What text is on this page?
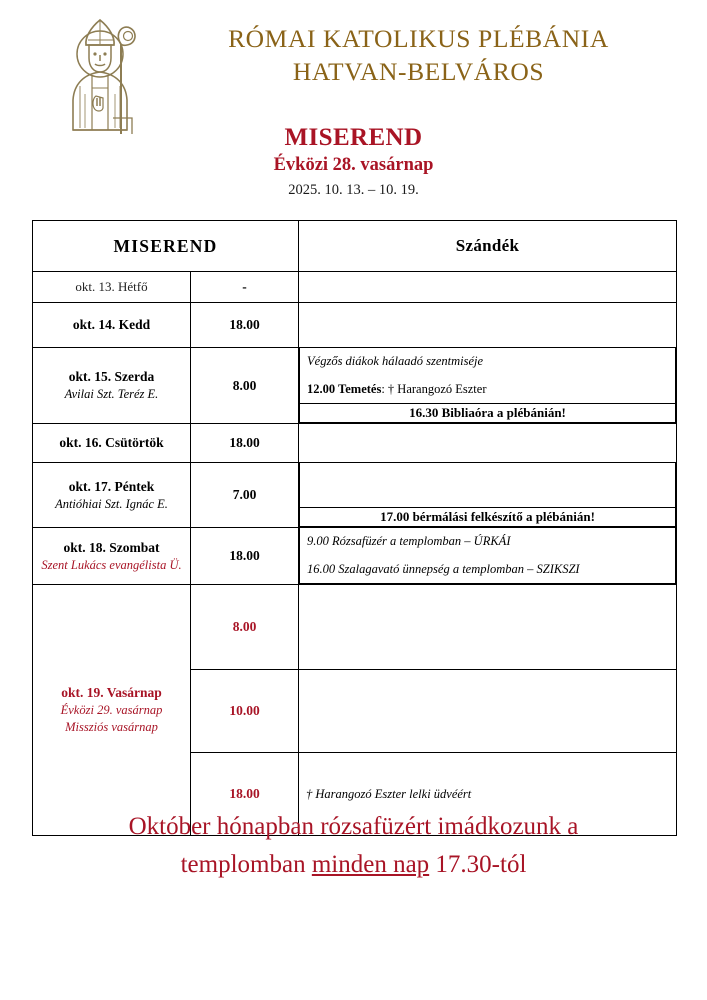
RÓMAI KATOLIKUS PLÉBÁNIA
HATVAN-BELVÁROS
MISEREND
Évközi 28. vasárnap
2025. 10. 13. – 10. 19.
MISEREND	Szándék

okt. 13. Hétfő	-	

okt. 14. Kedd	18.00	

okt. 15. Szerda
Avilai Szt. Teréz E.
	8.00	
Végzős diákok hálaadó szentmiséje
12.00 Temetés: † Harangozó Eszter

16.30 Bibliaóra a plébánián!

okt. 16. Csütörtök	18.00	

okt. 17. Péntek
Antióhiai Szt. Ignác E.
	7.00	

17.00 bérmálási felkészítő a plébánián!

okt. 18. Szombat
Szent Lukács evangélista Ü.
	18.00	
9.00 Rózsafüzér a templomban – ÚRKÁI
16.00 Szalagavató ünnepség a templomban – SZIKSZI

okt. 19. Vasárnap
Évközi 29. vasárnap
Missziós vasárnap
	8.00	
10.00	
18.00	† Harangozó Eszter lelki üdvéért
Október hónapban rózsafüzért imádkozunk a
templomban minden nap 17.30-tól
